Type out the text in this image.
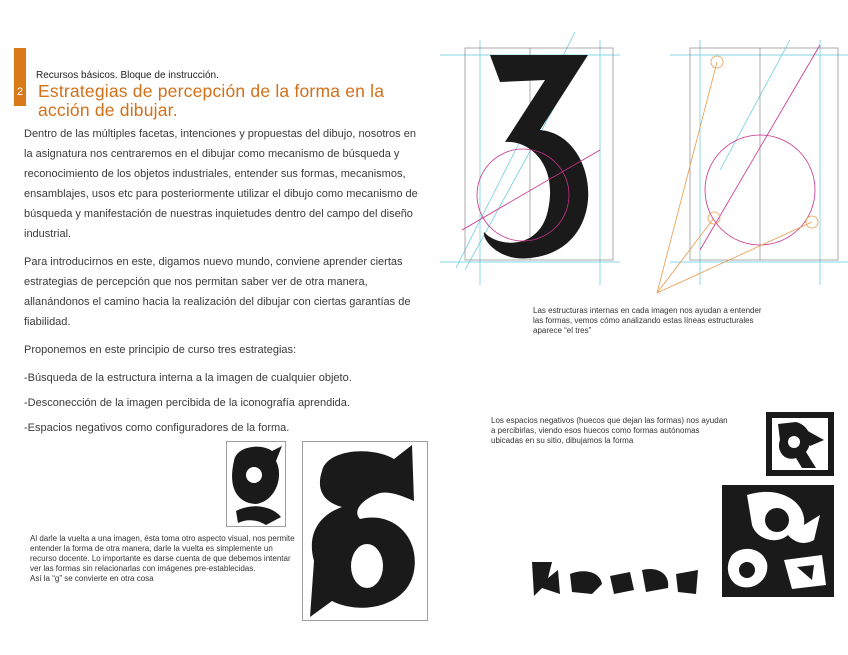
2
Recursos básicos. Bloque de instrucción.
Estrategias de percepción de la forma en la acción de dibujar.

Dentro de las múltiples facetas, intenciones y propuestas del dibujo, nosotros en la asignatura nos centraremos en el dibujar como mecanismo de búsqueda y reconocimiento de los objetos industriales, entender sus formas, mecanismos, ensamblajes, usos etc para posteriormente utilizar el dibujo como mecanismo de búsqueda y manifestación de nuestras inquietudes dentro del campo del diseño industrial.

Para introducirnos en este, digamos nuevo mundo, conviene aprender ciertas estrategias de percepción que nos permitan saber ver de otra manera, allanándonos el camino hacia la realización del dibujar con ciertas garantías de fiabilidad.

Proponemos en este principio de curso tres estrategias:

-Búsqueda de la estructura interna a la imagen de cualquier objeto.

-Desconección de la imagen percibida de la iconografía aprendida.

-Espacios negativos como configuradores de la forma.

Las estructuras internas en cada imagen nos ayudan a entender las formas, vemos cómo analizando estas líneas estructurales aparece “el tres”
Los espacios negativos (huecos que dejan las formas) nos ayudan a percibirlas, viendo esos huecos como formas autónomas ubicadas en su sitio, dibujamos la forma
Al darle la vuelta a una imagen, ésta toma otro aspecto visual, nos permite entender la forma de otra manera, darle la vuelta es simplemente un recurso docente. Lo importante es darse cuenta de que debemos intentar ver las formas sin relacionarlas con imágenes pre-establecidas.
Así la “g” se convierte en otra cosa
